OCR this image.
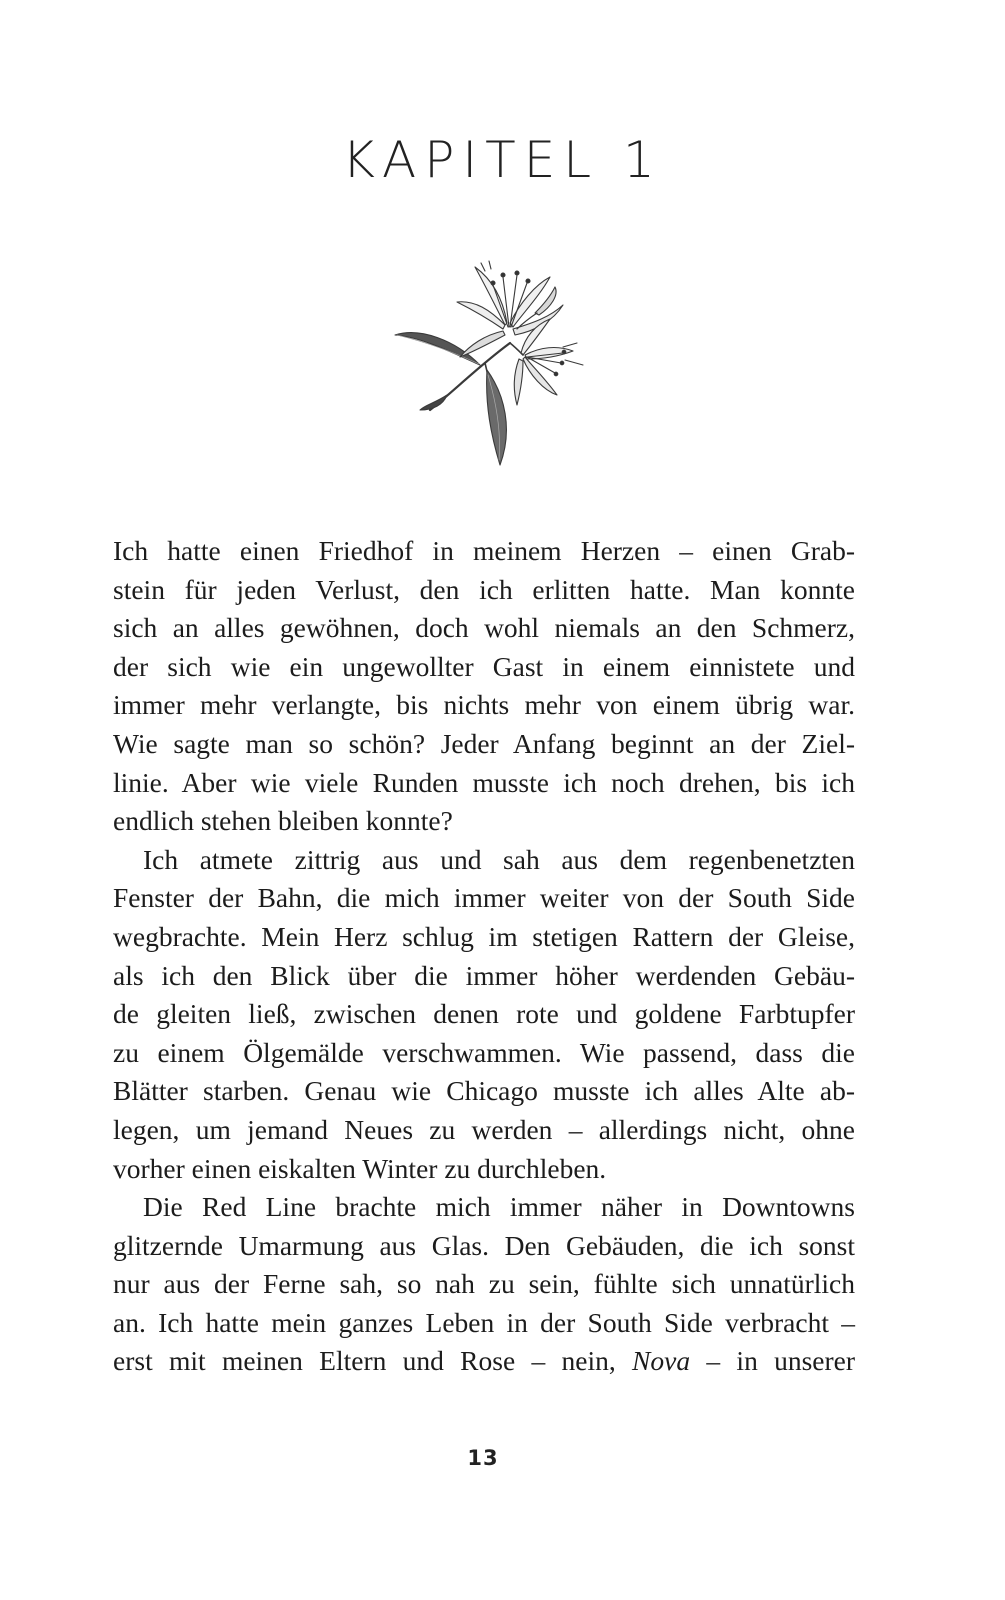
KAPITEL 1
Ich hatte einen Friedhof in meinem Herzen – einen Grab-
stein für jeden Verlust, den ich erlitten hatte. Man konnte
sich an alles gewöhnen, doch wohl niemals an den Schmerz,
der sich wie ein ungewollter Gast in einem einnistete und
immer mehr verlangte, bis nichts mehr von einem übrig war.
Wie sagte man so schön? Jeder Anfang beginnt an der Ziel-
linie. Aber wie viele Runden musste ich noch drehen, bis ich
endlich stehen bleiben konnte?
Ich atmete zittrig aus und sah aus dem regenbenetzten
Fenster der Bahn, die mich immer weiter von der South Side
wegbrachte. Mein Herz schlug im stetigen Rattern der Gleise,
als ich den Blick über die immer höher werdenden Gebäu-
de gleiten ließ, zwischen denen rote und goldene Farbtupfer
zu einem Ölgemälde verschwammen. Wie passend, dass die
Blätter starben. Genau wie Chicago musste ich alles Alte ab-
legen, um jemand Neues zu werden – allerdings nicht, ohne
vorher einen eiskalten Winter zu durchleben.
Die Red Line brachte mich immer näher in Downtowns
glitzernde Umarmung aus Glas. Den Gebäuden, die ich sonst
nur aus der Ferne sah, so nah zu sein, fühlte sich unnatürlich
an. Ich hatte mein ganzes Leben in der South Side verbracht –
erst mit meinen Eltern und Rose – nein, Nova – in unserer
13
